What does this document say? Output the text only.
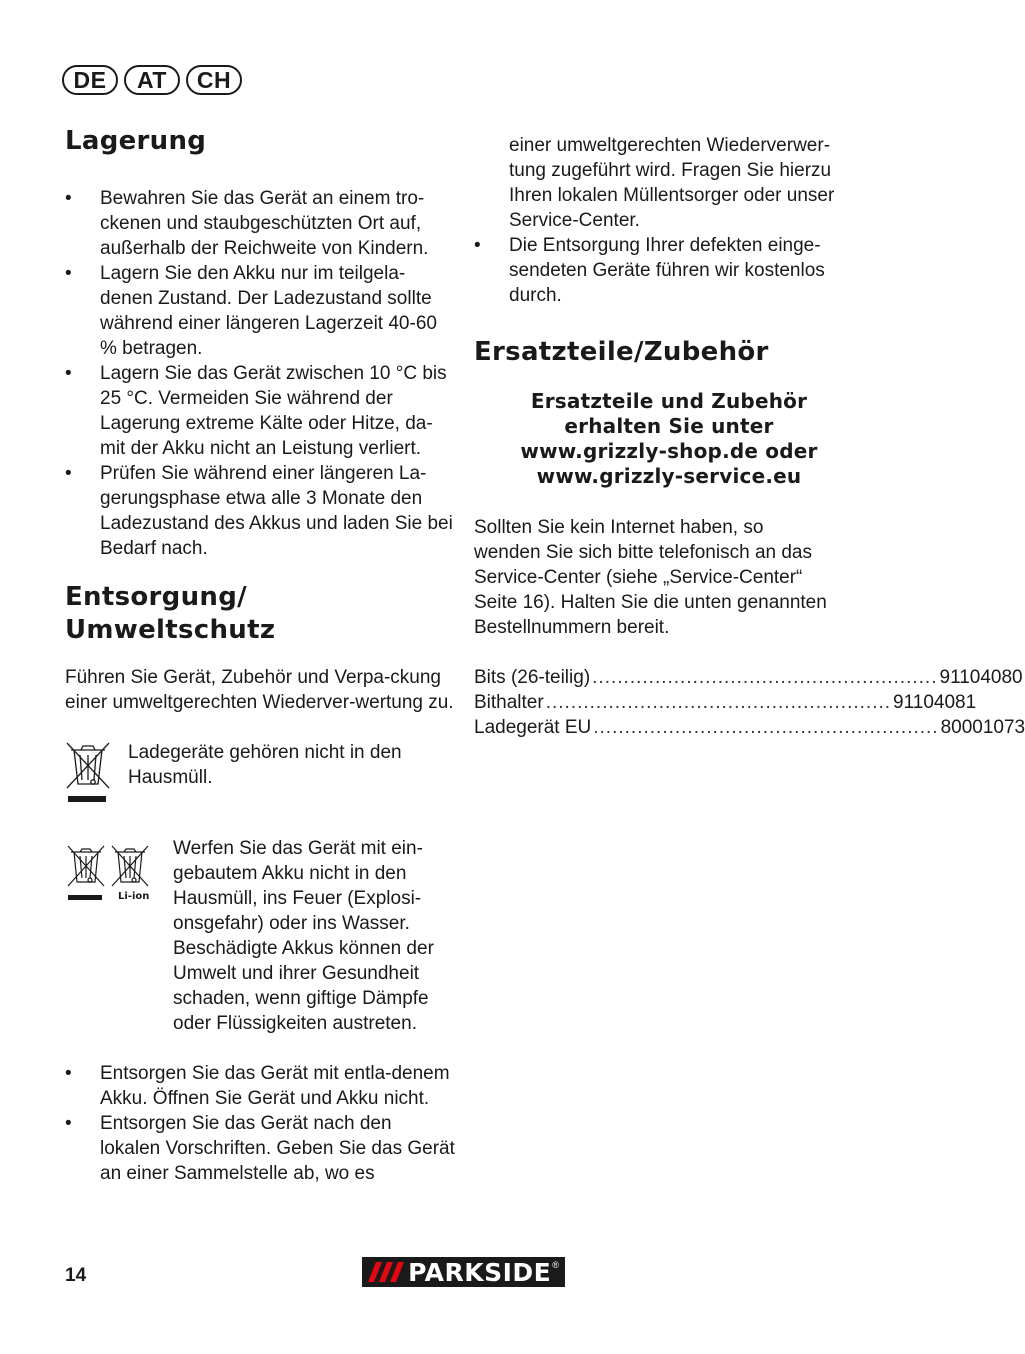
DE	AT	CH
Lagerung
• Bewahren Sie das Gerät an einem tro-ckenen und staubgeschützten Ort auf, außerhalb der Reichweite von Kindern.
• Lagern Sie den Akku nur im teilgela-denen Zustand. Der Ladezustand sollte während einer längeren Lagerzeit 40-60 % betragen.
• Lagern Sie das Gerät zwischen 10 °C bis 25 °C. Vermeiden Sie während der Lagerung extreme Kälte oder Hitze, da-mit der Akku nicht an Leistung verliert.
• Prüfen Sie während einer längeren La-gerungsphase etwa alle 3 Monate den Ladezustand des Akkus und laden Sie bei Bedarf nach.
Entsorgung/
Umweltschutz

Führen Sie Gerät, Zubehör und Verpa-ckung einer umweltgerechten Wiederver-wertung zu.

Ladegeräte gehören nicht in den Hausmüll.

Li-ion

Werfen Sie das Gerät mit ein-gebautem Akku nicht in den Hausmüll, ins Feuer (Explosi-onsgefahr) oder ins Wasser. Beschädigte Akkus können der Umwelt und ihrer Gesundheit schaden, wenn giftige Dämpfe oder Flüssigkeiten austreten.

• Entsorgen Sie das Gerät mit entla-denem Akku. Öffnen Sie Gerät und Akku nicht.
• Entsorgen Sie das Gerät nach den lokalen Vorschriften. Geben Sie das Gerät an einer Sammelstelle ab, wo es
einer umweltgerechten Wiederverwer-tung zugeführt wird. Fragen Sie hierzu Ihren lokalen Müllentsorger oder unser Service-Center.
• Die Entsorgung Ihrer defekten einge-sendeten Geräte führen wir kostenlos durch.
Ersatzteile/Zubehör
Ersatzteile und Zubehör
erhalten Sie unter
www.grizzly-shop.de oder
www.grizzly-service.eu

Sollten Sie kein Internet haben, so

wenden Sie sich bitte telefonisch an das

Service-Center (siehe „Service-Center“

Seite 16). Halten Sie die unten genannten

Bestellnummern bereit.

Bits (26-teilig) ....................................................... 91104080
Bithalter ....................................................... 91104081
Ladegerät EU ....................................................... 80001073
14	PARKSIDE ®
